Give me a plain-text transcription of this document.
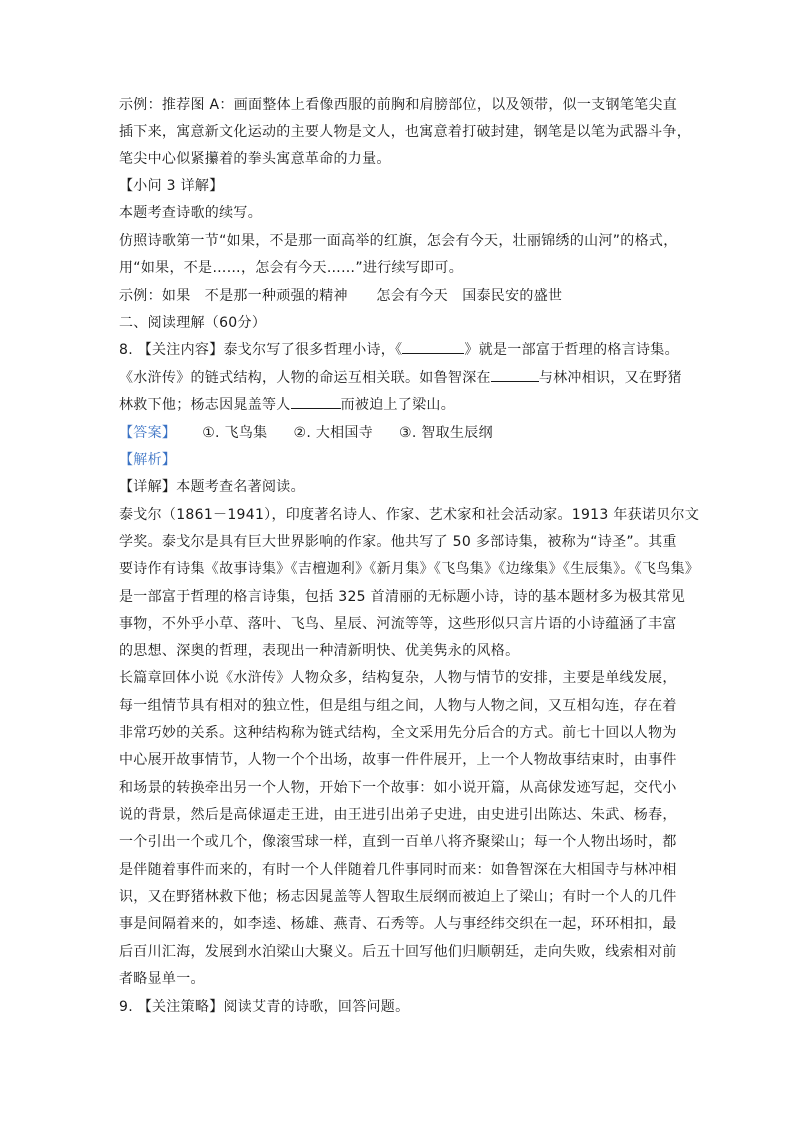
示例：推荐图 A：画面整体上看像西服的前胸和肩膀部位，以及领带，似一支钢笔笔尖直
插下来，寓意新文化运动的主要人物是文人，也寓意着打破封建，钢笔是以笔为武器斗争，
笔尖中心似紧攥着的拳头寓意革命的力量。
【小问 3 详解】
本题考查诗歌的续写。
仿照诗歌第一节“如果，不是那一面高举的红旗，怎会有今天，壮丽锦绣的山河”的格式，
用“如果，不是……，怎会有今天……”进行续写即可。
示例：如果　不是那一种顽强的精神　　怎会有今天　国泰民安的盛世
二、阅读理解（60分）
8. 【关注内容】泰戈尔写了很多哲理小诗，《	》就是一部富于哲理的格言诗集。
《水浒传》的链式结构，人物的命运互相关联。如鲁智深在	与林冲相识，又在野猪
林救下他；杨志因晁盖等人	而被迫上了梁山。
【答案】 ①. 飞鸟集 ②. 大相国寺 ③. 智取生辰纲
【解析】
【详解】本题考查名著阅读。
泰戈尔（1861－1941），印度著名诗人、作家、艺术家和社会活动家。1913 年获诺贝尔文
学奖。泰戈尔是具有巨大世界影响的作家。他共写了 50 多部诗集，被称为“诗圣”。其重
要诗作有诗集《故事诗集》《吉檀迦利》《新月集》《飞鸟集》《边缘集》《生辰集》。《飞鸟集》
是一部富于哲理的格言诗集，包括 325 首清丽的无标题小诗，诗的基本题材多为极其常见
事物，不外乎小草、落叶、飞鸟、星辰、河流等等，这些形似只言片语的小诗蕴涵了丰富
的思想、深奥的哲理，表现出一种清新明快、优美隽永的风格。
长篇章回体小说《水浒传》人物众多，结构复杂，人物与情节的安排，主要是单线发展，
每一组情节具有相对的独立性，但是组与组之间，人物与人物之间，又互相勾连，存在着
非常巧妙的关系。这种结构称为链式结构，全文采用先分后合的方式。前七十回以人物为
中心展开故事情节，人物一个个出场，故事一件件展开，上一个人物故事结束时，由事件
和场景的转换牵出另一个人物，开始下一个故事：如小说开篇，从高俅发迹写起，交代小
说的背景，然后是高俅逼走王进，由王进引出弟子史进，由史进引出陈达、朱武、杨春，
一个引出一个或几个，像滚雪球一样，直到一百单八将齐聚梁山；每一个人物出场时，都
是伴随着事件而来的，有时一个人伴随着几件事同时而来：如鲁智深在大相国寺与林冲相
识，又在野猪林救下他；杨志因晁盖等人智取生辰纲而被迫上了梁山；有时一个人的几件
事是间隔着来的，如李逵、杨雄、燕青、石秀等。人与事经纬交织在一起，环环相扣，最
后百川汇海，发展到水泊梁山大聚义。后五十回写他们归顺朝廷，走向失败，线索相对前
者略显单一。
9. 【关注策略】阅读艾青的诗歌，回答问题。
